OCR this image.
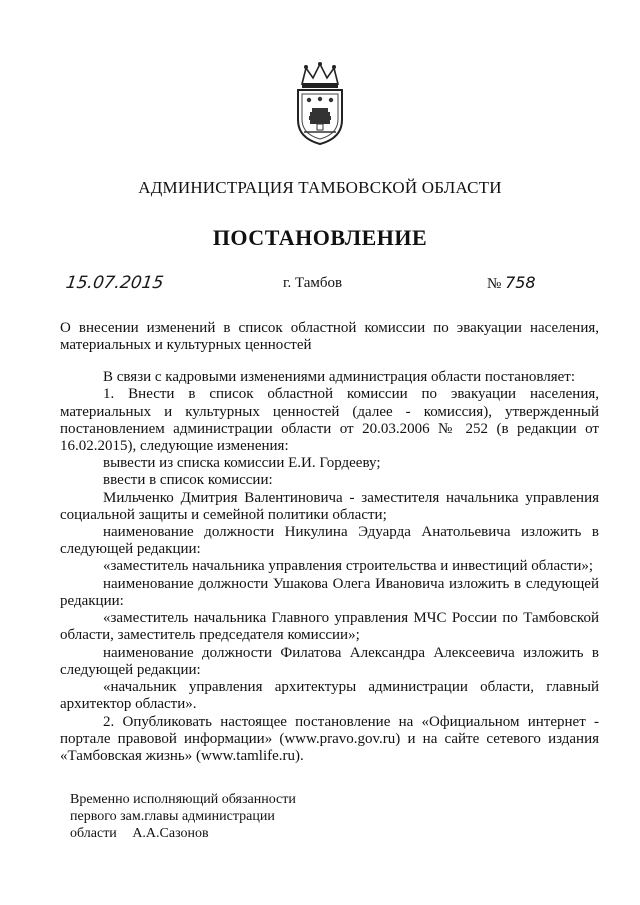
АДМИНИСТРАЦИЯ ТАМБОВСКОЙ ОБЛАСТИ
ПОСТАНОВЛЕНИЕ
15.07.2015	г. Тамбов	№ 758
О внесении изменений в список областной комиссии по эвакуации населения,
материальных и культурных ценностей
В связи с кадровыми изменениями администрация области постановляет:
1. Внести в список областной комиссии по эвакуации населения,
материальных и культурных ценностей (далее - комиссия), утвержденный
постановлением администрации области от 20.03.2006 № 252 (в редакции от
16.02.2015), следующие изменения:
вывести из списка комиссии Е.И. Гордееву;
ввести в список комиссии:
Мильченко Дмитрия Валентиновича - заместителя начальника управления
социальной защиты и семейной политики области;
наименование должности Никулина Эдуарда Анатольевича изложить в
следующей редакции:
«заместитель начальника управления строительства и инвестиций области»;
наименование должности Ушакова Олега Ивановича изложить в следующей
редакции:
«заместитель начальника Главного управления МЧС России по Тамбовской
области, заместитель председателя комиссии»;
наименование должности Филатова Александра Алексеевича изложить в
следующей редакции:
«начальник управления архитектуры администрации области, главный
архитектор области».
2. Опубликовать настоящее постановление на «Официальном интернет -
портале правовой информации» (www.pravo.gov.ru) и на сайте сетевого издания
«Тамбовская жизнь» (www.tamlife.ru).
Временно исполняющий обязанности
первого зам.главы администрации
области А.А.Сазонов
